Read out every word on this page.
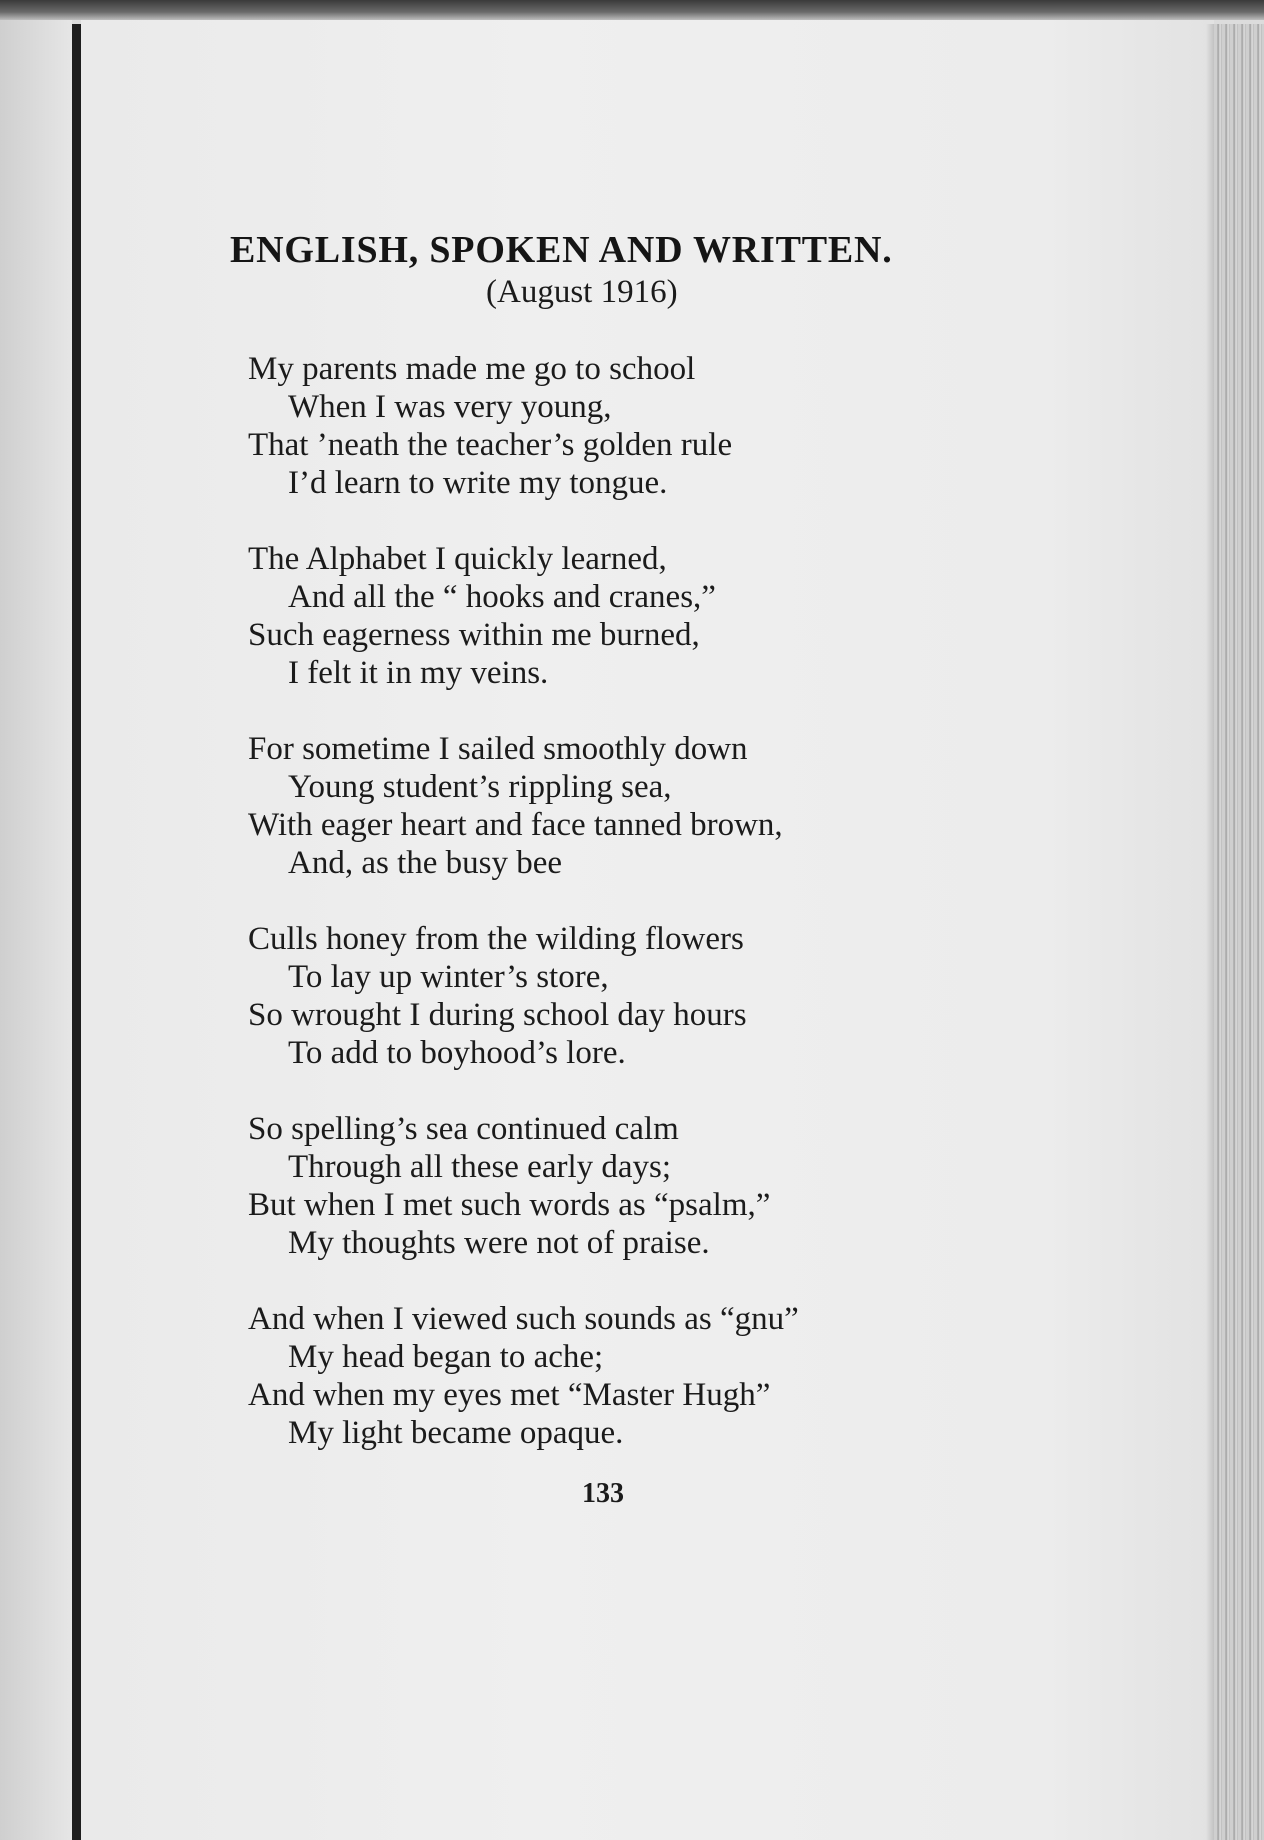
ENGLISH, SPOKEN AND WRITTEN.

(August 1916)

My parents made me go to school
When I was very young,
That ’neath the teacher’s golden rule
I’d learn to write my tongue.
The Alphabet I quickly learned,
And all the “ hooks and cranes,”
Such eagerness within me burned,
I felt it in my veins.
For sometime I sailed smoothly down
Young student’s rippling sea,
With eager heart and face tanned brown,
And, as the busy bee
Culls honey from the wilding flowers
To lay up winter’s store,
So wrought I during school day hours
To add to boyhood’s lore.
So spelling’s sea continued calm
Through all these early days;
But when I met such words as “psalm,”
My thoughts were not of praise.
And when I viewed such sounds as “gnu”
My head began to ache;
And when my eyes met “Master Hugh”
My light became opaque.

133
